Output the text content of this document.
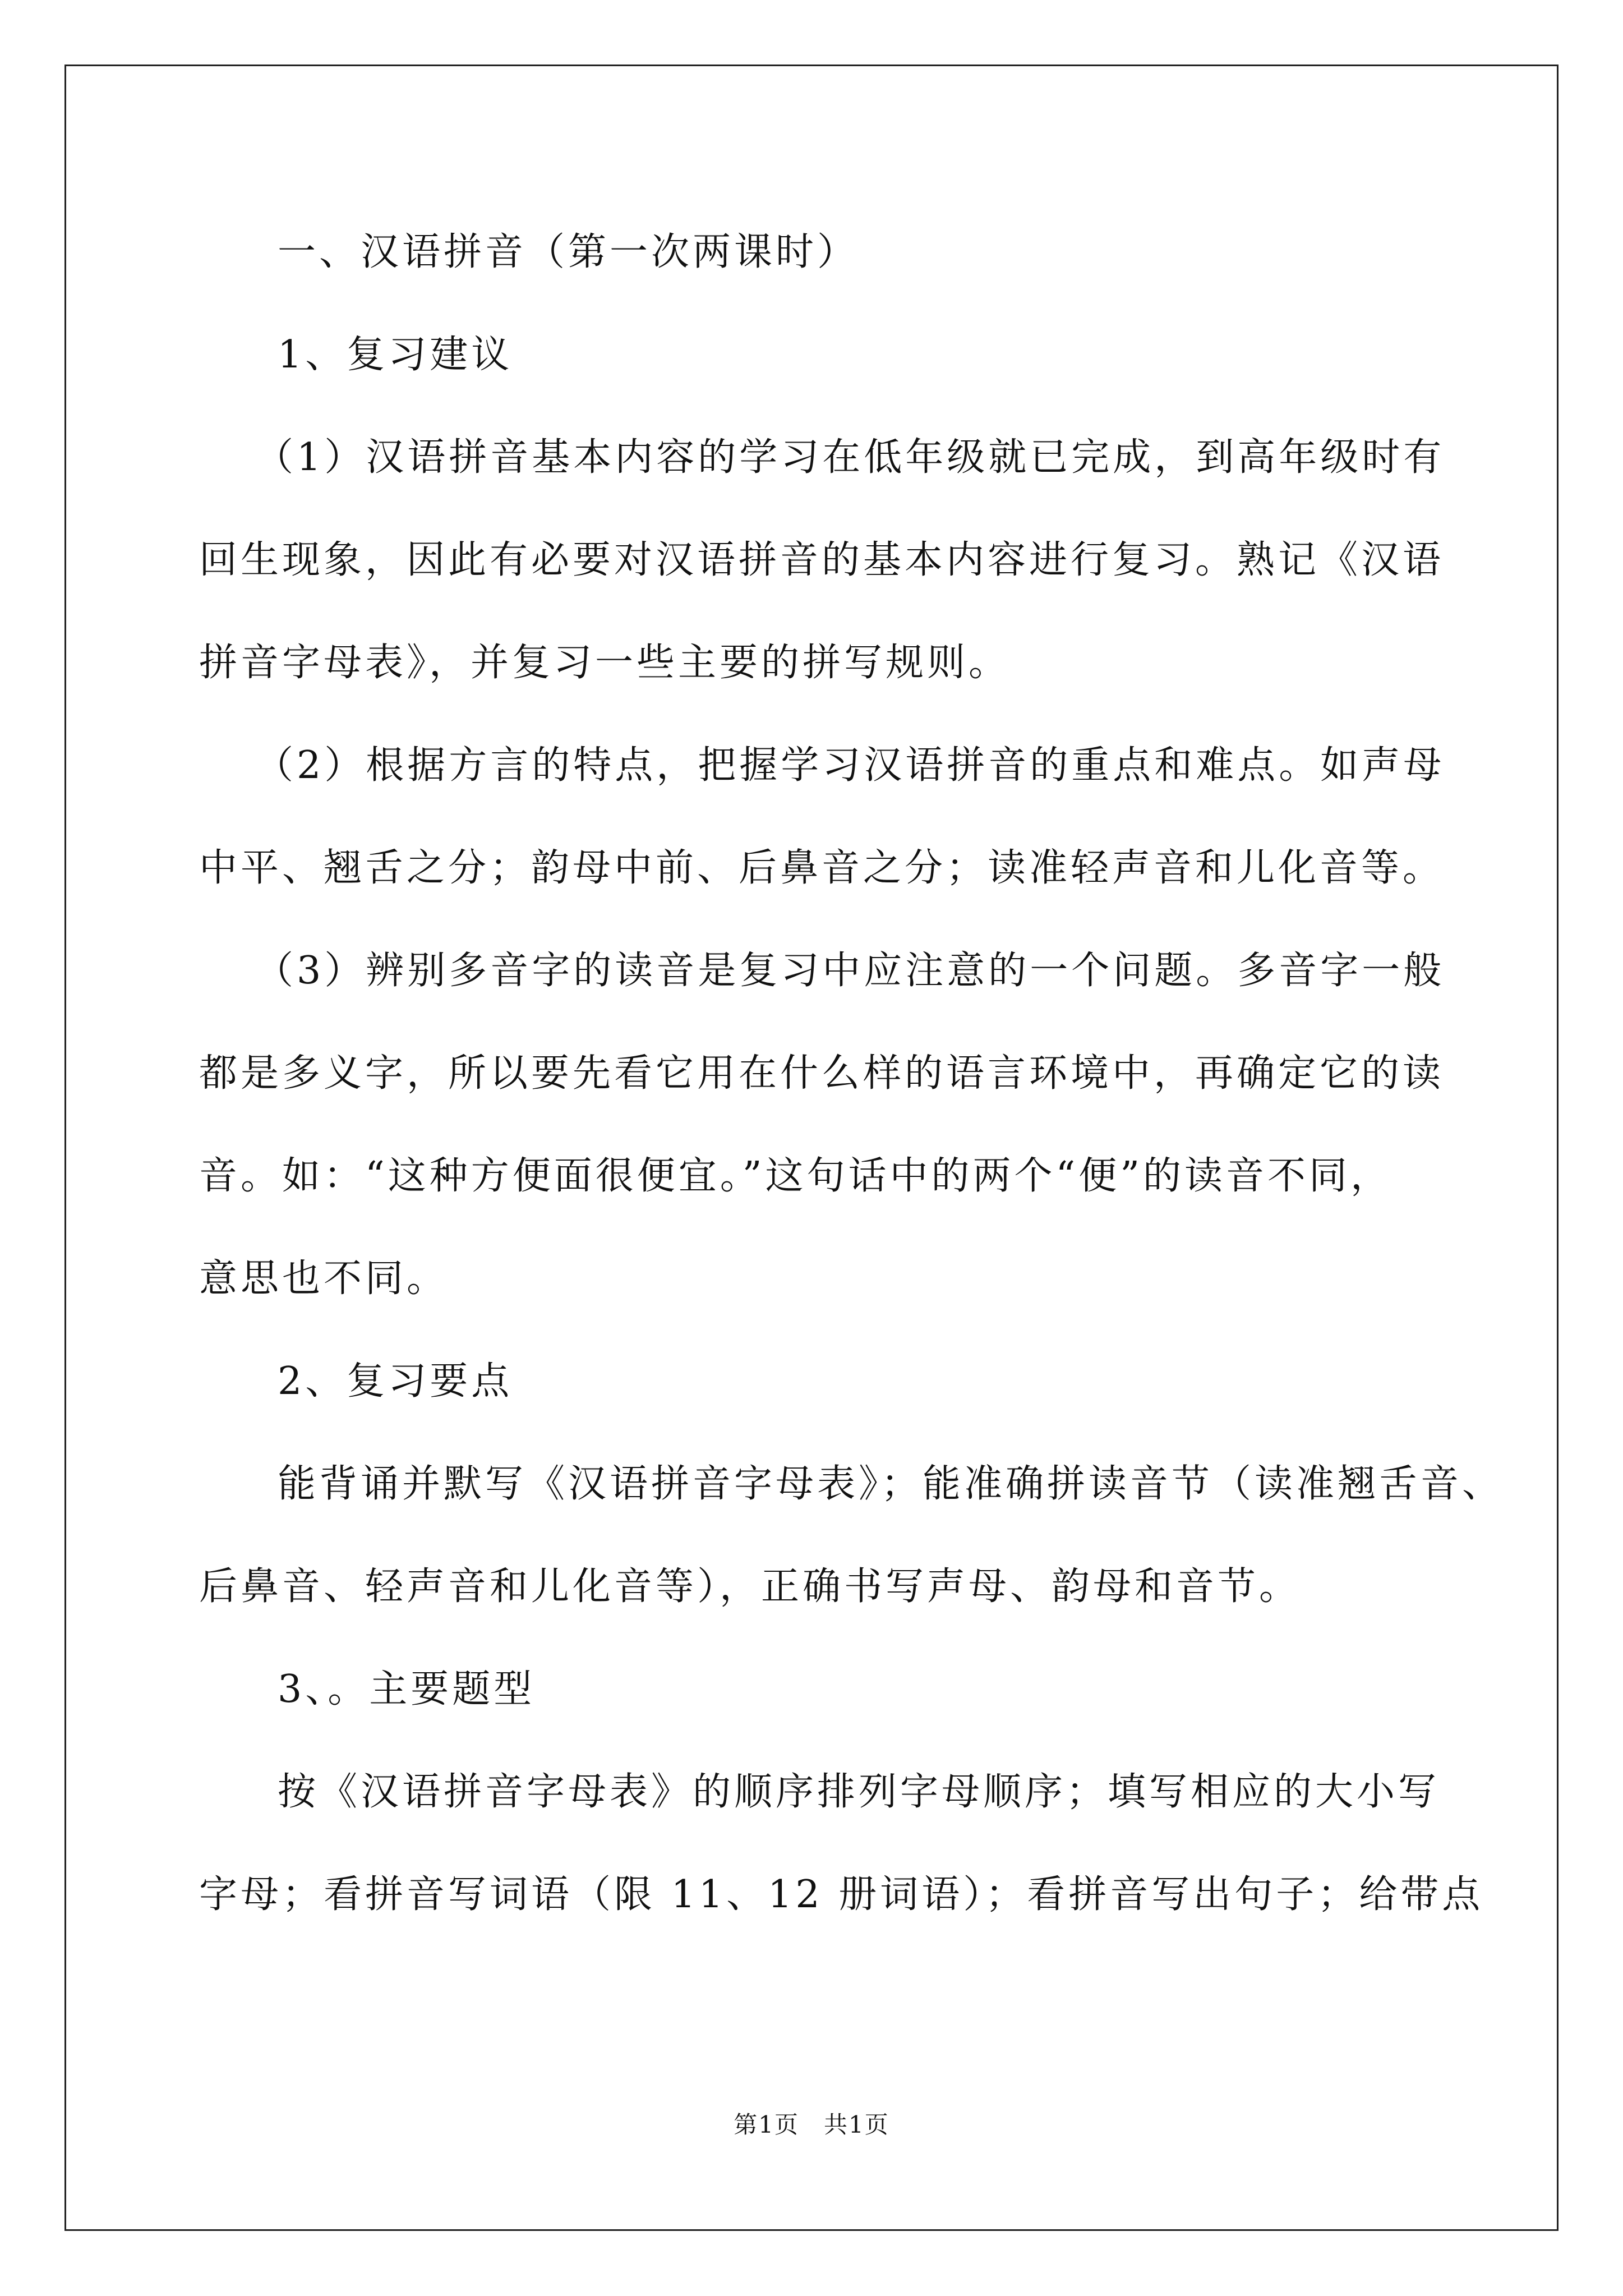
一、汉语拼音（第一次两课时）
1、复习建议
（1）汉语拼音基本内容的学习在低年级就已完成，到高年级时有
回生现象，因此有必要对汉语拼音的基本内容进行复习。熟记《汉语
拼音字母表》，并复习一些主要的拼写规则。
（2）根据方言的特点，把握学习汉语拼音的重点和难点。如声母
中平、翘舌之分；韵母中前、后鼻音之分；读准轻声音和儿化音等。
（3）辨别多音字的读音是复习中应注意的一个问题。多音字一般
都是多义字，所以要先看它用在什么样的语言环境中，再确定它的读
音。如：“这种方便面很便宜。”这句话中的两个“便”的读音不同，
意思也不同。
2、复习要点
能背诵并默写《汉语拼音字母表》；能准确拼读音节（读准翘舌音、
后鼻音、轻声音和儿化音等），正确书写声母、韵母和音节。
3、。主要题型
按《汉语拼音字母表》的顺序排列字母顺序；填写相应的大小写
字母；看拼音写词语（限 11、12 册词语）；看拼音写出句子；给带点
第1页　共1页
